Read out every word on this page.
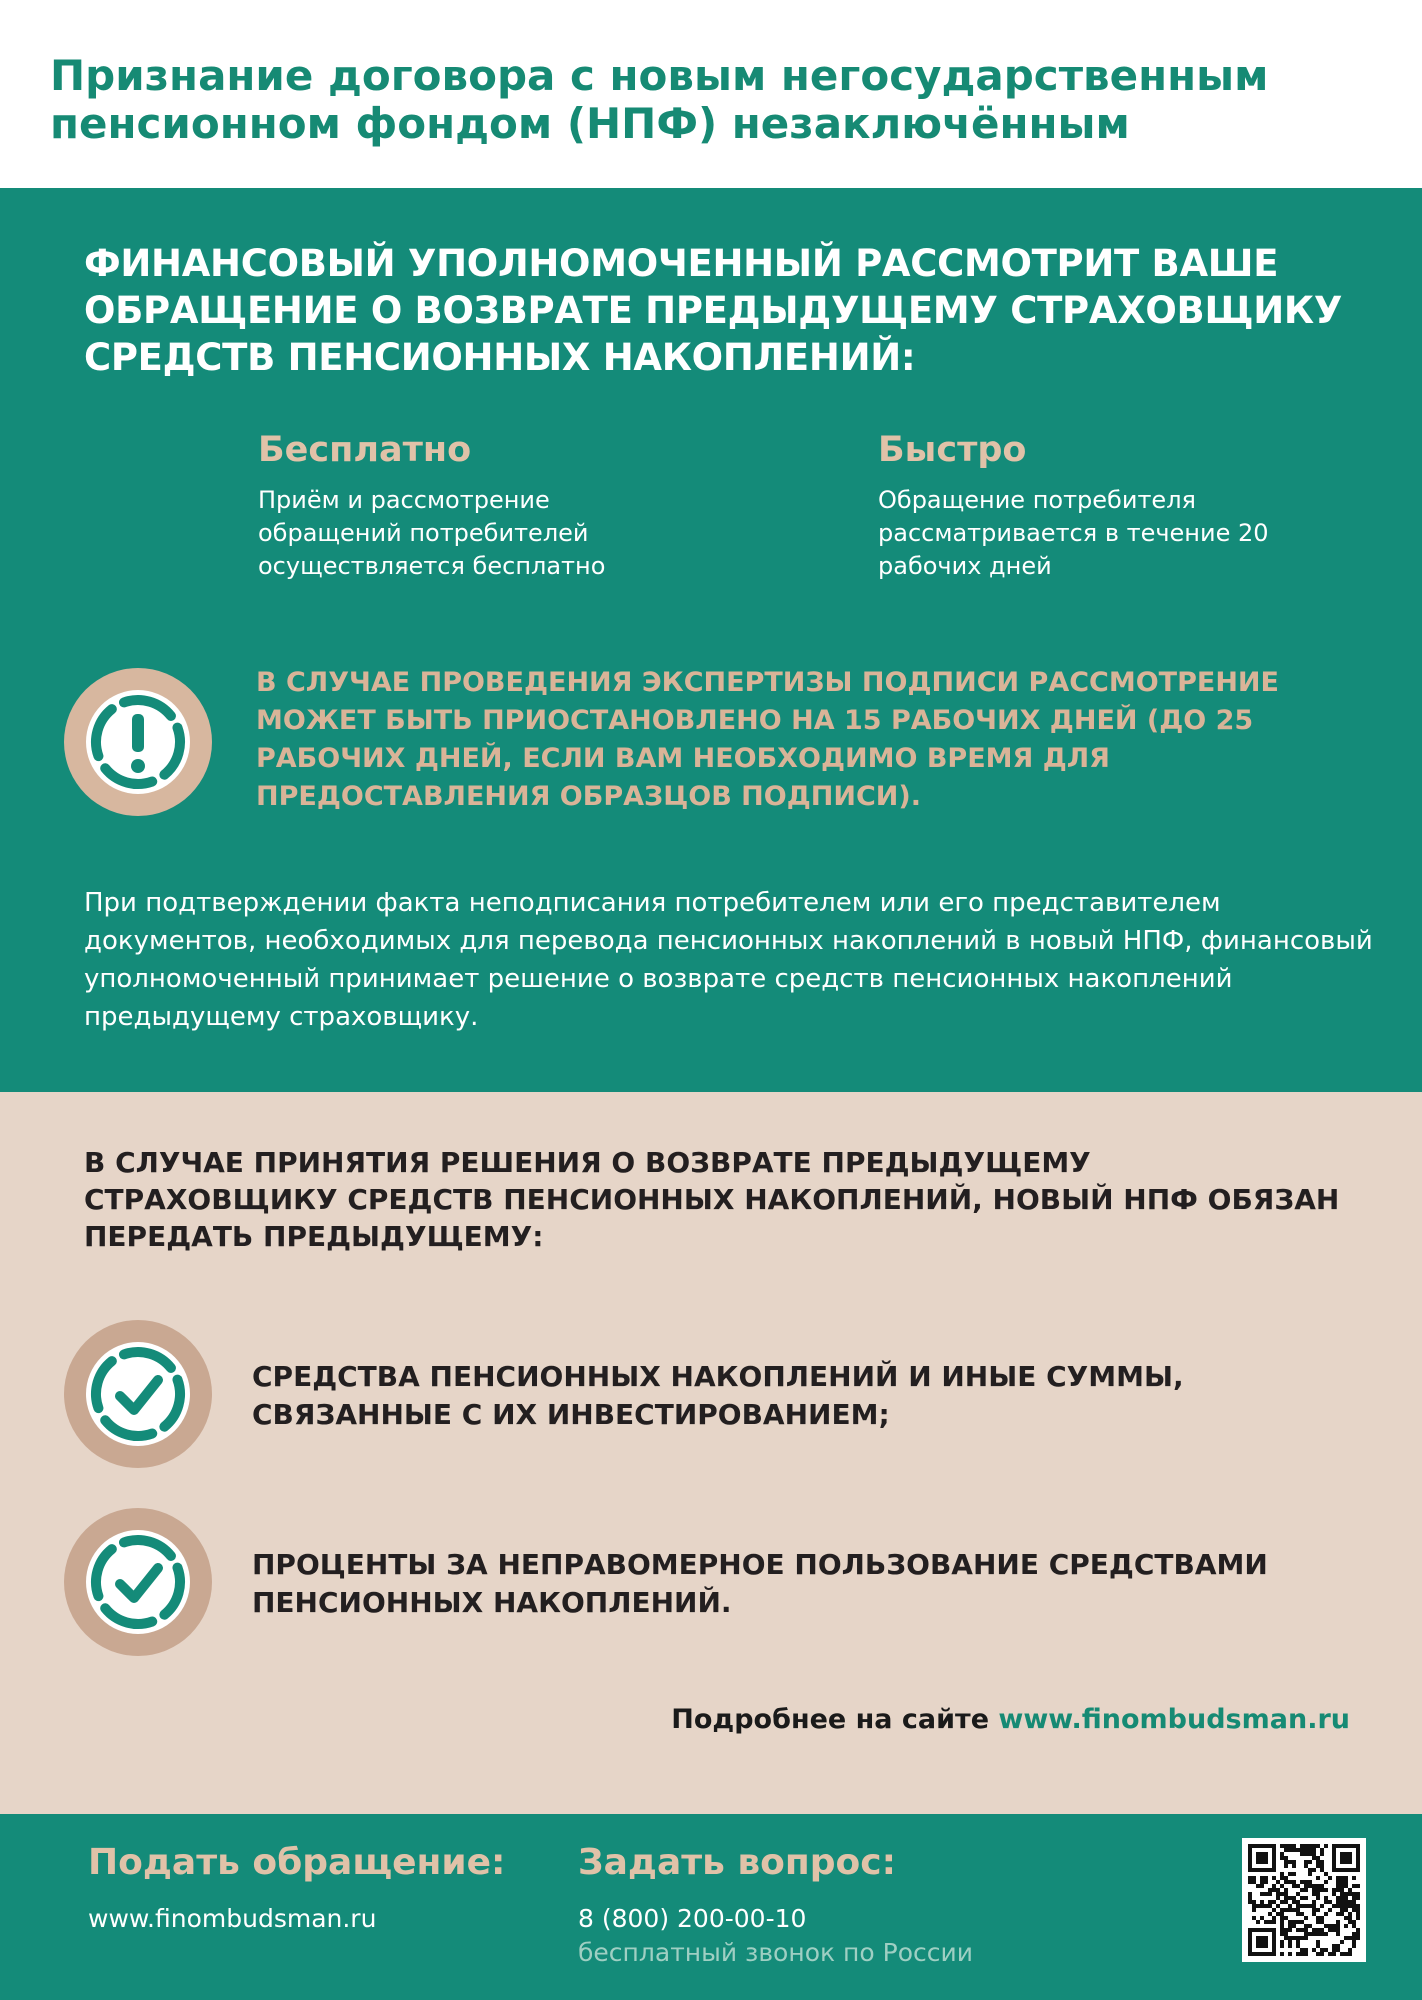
Признание договора с новым негосударственным
пенсионном фондом (НПФ) незаключённым
ФИНАНСОВЫЙ УПОЛНОМОЧЕННЫЙ РАССМОТРИТ ВАШЕ ОБРАЩЕНИЕ О ВОЗВРАТЕ ПРЕДЫДУЩЕМУ СТРАХОВЩИКУ СРЕДСТВ ПЕНСИОННЫХ НАКОПЛЕНИЙ:
Бесплатно
Приём и рассмотрение обращений потребителей осуществляется бесплатно
Быстро
Обращение потребителя рассматривается в течение 20 рабочих дней
В СЛУЧАЕ ПРОВЕДЕНИЯ ЭКСПЕРТИЗЫ ПОДПИСИ РАССМОТРЕНИЕ МОЖЕТ БЫТЬ ПРИОСТАНОВЛЕНО НА 15 РАБОЧИХ ДНЕЙ (ДО 25 РАБОЧИХ ДНЕЙ, ЕСЛИ ВАМ НЕОБХОДИМО ВРЕМЯ ДЛЯ ПРЕДОСТАВЛЕНИЯ ОБРАЗЦОВ ПОДПИСИ).
При подтверждении факта неподписания потребителем или его представителем документов, необходимых для перевода пенсионных накоплений в новый НПФ, финансовый уполномоченный принимает решение о возврате средств пенсионных накоплений предыдущему страховщику.
В СЛУЧАЕ ПРИНЯТИЯ РЕШЕНИЯ О ВОЗВРАТЕ ПРЕДЫДУЩЕМУ СТРАХОВЩИКУ СРЕДСТВ ПЕНСИОННЫХ НАКОПЛЕНИЙ, НОВЫЙ НПФ ОБЯЗАН ПЕРЕДАТЬ ПРЕДЫДУЩЕМУ:
СРЕДСТВА ПЕНСИОННЫХ НАКОПЛЕНИЙ И ИНЫЕ СУММЫ, СВЯЗАННЫЕ С ИХ ИНВЕСТИРОВАНИЕМ;
ПРОЦЕНТЫ ЗА НЕПРАВОМЕРНОЕ ПОЛЬЗОВАНИЕ СРЕДСТВАМИ ПЕНСИОННЫХ НАКОПЛЕНИЙ.
Подробнее на сайте www.finombudsman.ru
Подать обращение:
www.finombudsman.ru
Задать вопрос:
8 (800) 200-00-10
бесплатный звонок по России
